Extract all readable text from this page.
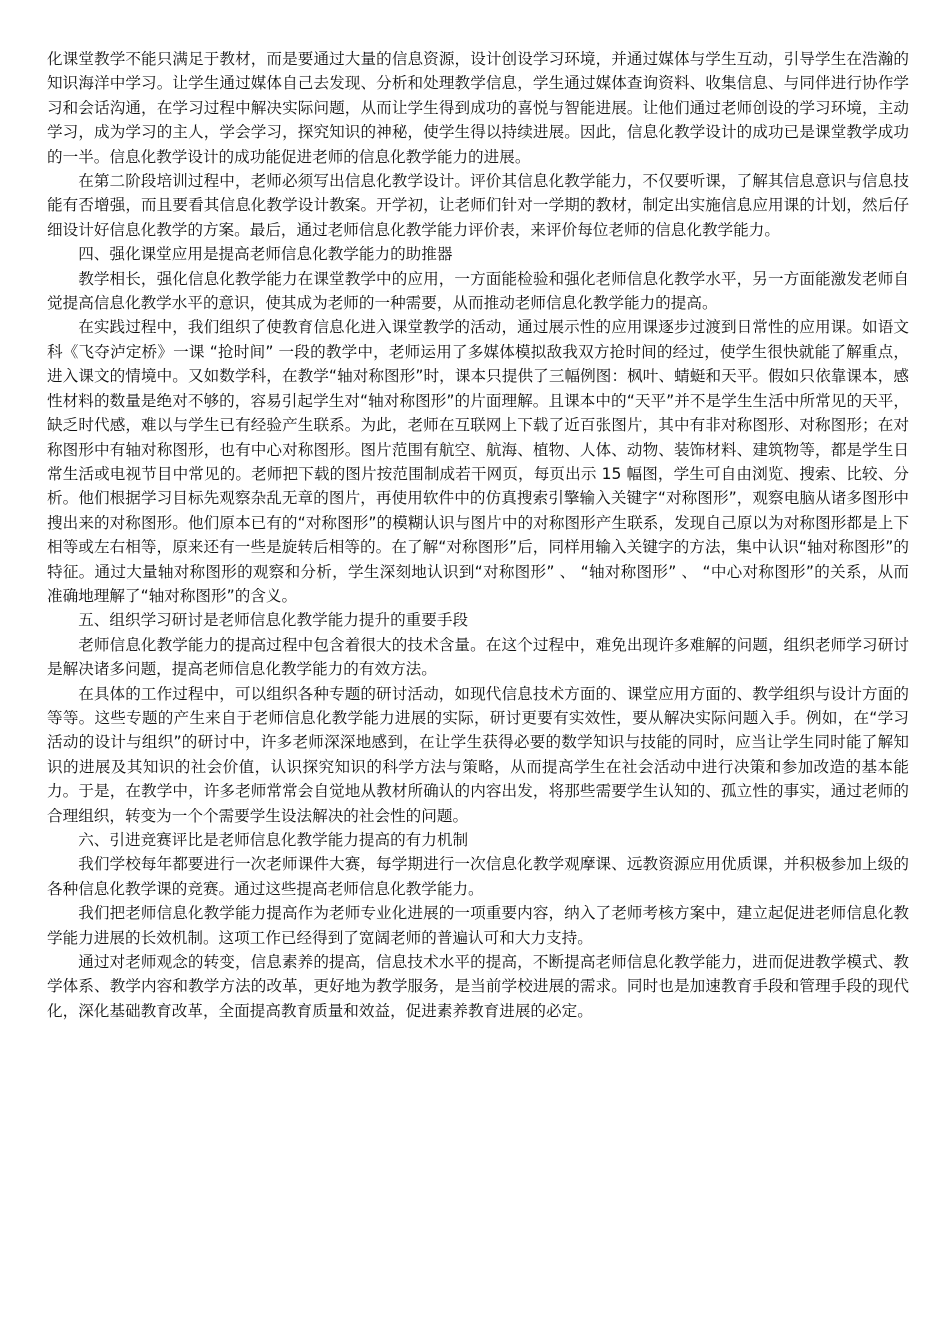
化课堂教学不能只满足于教材，而是要通过大量的信息资源，设计创设学习环境，并通过媒体与学生互动，引导学生在浩瀚的知识海洋中学习。让学生通过媒体自己去发现、分析和处理教学信息，学生通过媒体查询资料、收集信息、与同伴进行协作学习和会话沟通，在学习过程中解决实际问题，从而让学生得到成功的喜悦与智能进展。让他们通过老师创设的学习环境，主动学习，成为学习的主人，学会学习，探究知识的神秘，使学生得以持续进展。因此，信息化教学设计的成功已是课堂教学成功的一半。信息化教学设计的成功能促进老师的信息化教学能力的进展。

在第二阶段培训过程中，老师必须写出信息化教学设计。评价其信息化教学能力，不仅要听课，了解其信息意识与信息技能有否增强，而且要看其信息化教学设计教案。开学初，让老师们针对一学期的教材，制定出实施信息应用课的计划，然后仔细设计好信息化教学的方案。最后，通过老师信息化教学能力评价表，来评价每位老师的信息化教学能力。

四、强化课堂应用是提高老师信息化教学能力的助推器

教学相长，强化信息化教学能力在课堂教学中的应用，一方面能检验和强化老师信息化教学水平，另一方面能激发老师自觉提高信息化教学水平的意识，使其成为老师的一种需要，从而推动老师信息化教学能力的提高。

在实践过程中，我们组织了使教育信息化进入课堂教学的活动，通过展示性的应用课逐步过渡到日常性的应用课。如语文科《飞夺泸定桥》一课 “抢时间” 一段的教学中，老师运用了多媒体模拟敌我双方抢时间的经过，使学生很快就能了解重点，进入课文的情境中。又如数学科，在教学“轴对称图形”时，课本只提供了三幅例图：枫叶、蜻蜓和天平。假如只依靠课本，感性材料的数量是绝对不够的，容易引起学生对“轴对称图形”的片面理解。且课本中的“天平”并不是学生生活中所常见的天平，缺乏时代感，难以与学生已有经验产生联系。为此，老师在互联网上下载了近百张图片，其中有非对称图形、对称图形；在对称图形中有轴对称图形，也有中心对称图形。图片范围有航空、航海、植物、人体、动物、装饰材料、建筑物等，都是学生日常生活或电视节目中常见的。老师把下载的图片按范围制成若干网页，每页出示 15 幅图，学生可自由浏览、搜索、比较、分析。他们根据学习目标先观察杂乱无章的图片，再使用软件中的仿真搜索引擎输入关键字“对称图形”，观察电脑从诸多图形中搜出来的对称图形。他们原本已有的“对称图形”的模糊认识与图片中的对称图形产生联系，发现自己原以为对称图形都是上下相等或左右相等，原来还有一些是旋转后相等的。在了解“对称图形”后，同样用输入关键字的方法，集中认识“轴对称图形”的特征。通过大量轴对称图形的观察和分析，学生深刻地认识到“对称图形” 、 “轴对称图形” 、 “中心对称图形”的关系，从而准确地理解了“轴对称图形”的含义。

五、组织学习研讨是老师信息化教学能力提升的重要手段

老师信息化教学能力的提高过程中包含着很大的技术含量。在这个过程中，难免出现许多难解的问题，组织老师学习研讨是解决诸多问题，提高老师信息化教学能力的有效方法。

在具体的工作过程中，可以组织各种专题的研讨活动，如现代信息技术方面的、课堂应用方面的、教学组织与设计方面的等等。这些专题的产生来自于老师信息化教学能力进展的实际，研讨更要有实效性，要从解决实际问题入手。例如，在“学习活动的设计与组织”的研讨中，许多老师深深地感到，在让学生获得必要的数学知识与技能的同时，应当让学生同时能了解知识的进展及其知识的社会价值，认识探究知识的科学方法与策略，从而提高学生在社会活动中进行决策和参加改造的基本能力。于是，在教学中，许多老师常常会自觉地从教材所确认的内容出发，将那些需要学生认知的、孤立性的事实，通过老师的合理组织，转变为一个个需要学生设法解决的社会性的问题。

六、引进竞赛评比是老师信息化教学能力提高的有力机制

我们学校每年都要进行一次老师课件大赛，每学期进行一次信息化教学观摩课、远教资源应用优质课，并积极参加上级的各种信息化教学课的竞赛。通过这些提高老师信息化教学能力。

我们把老师信息化教学能力提高作为老师专业化进展的一项重要内容，纳入了老师考核方案中，建立起促进老师信息化教学能力进展的长效机制。这项工作已经得到了宽阔老师的普遍认可和大力支持。

通过对老师观念的转变，信息素养的提高，信息技术水平的提高，不断提高老师信息化教学能力，进而促进教学模式、教学体系、教学内容和教学方法的改革，更好地为教学服务，是当前学校进展的需求。同时也是加速教育手段和管理手段的现代化，深化基础教育改革，全面提高教育质量和效益，促进素养教育进展的必定。
